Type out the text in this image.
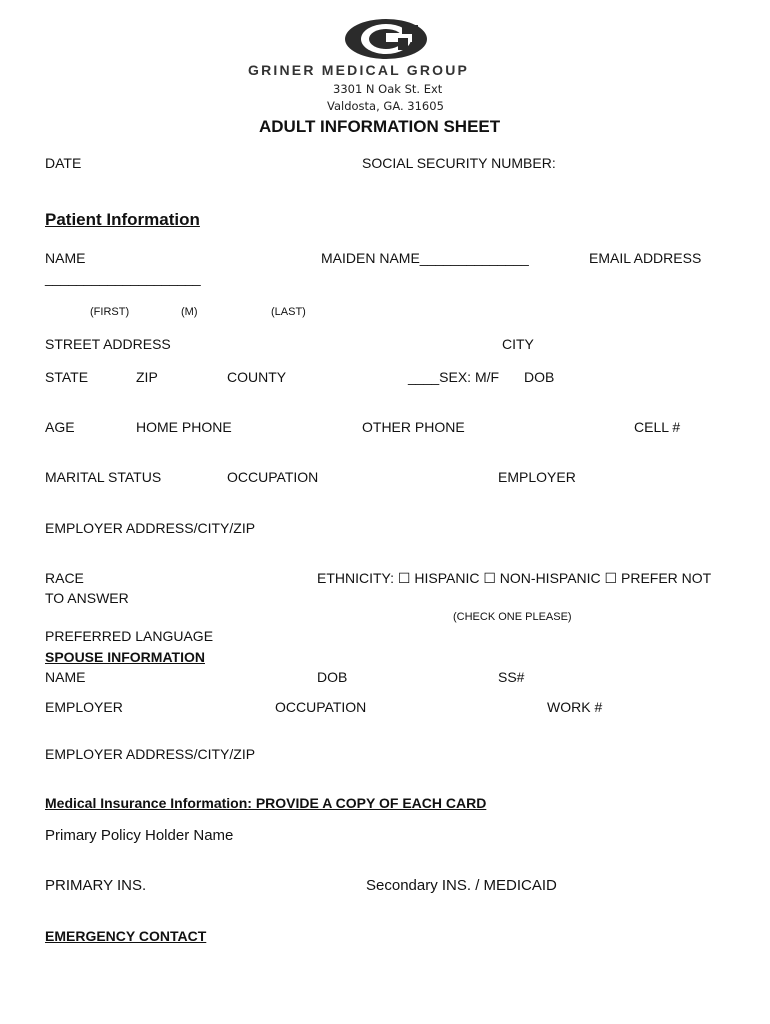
GRINER MEDICAL GROUP
3301 N Oak St. Ext
Valdosta, GA. 31605
ADULT INFORMATION SHEET
DATE	SOCIAL SECURITY NUMBER:
Patient Information
NAME	MAIDEN NAME______________	EMAIL ADDRESS
____________________
(FIRST)	(M)	(LAST)
STREET ADDRESS	CITY
STATE	ZIP	COUNTY	____SEX: M/F DOB
AGE	HOME PHONE	OTHER PHONE	CELL #
MARITAL STATUS	OCCUPATION	EMPLOYER
EMPLOYER ADDRESS/CITY/ZIP
RACE	ETHNICITY: ☐ HISPANIC ☐ NON-HISPANIC ☐ PREFER NOT
TO ANSWER
(CHECK ONE PLEASE)
PREFERRED LANGUAGE
SPOUSE INFORMATION
NAME	DOB	SS#
EMPLOYER	OCCUPATION	WORK #
EMPLOYER ADDRESS/CITY/ZIP
Medical Insurance Information: PROVIDE A COPY OF EACH CARD
Primary Policy Holder Name
PRIMARY INS.	Secondary INS. / MEDICAID
EMERGENCY CONTACT
